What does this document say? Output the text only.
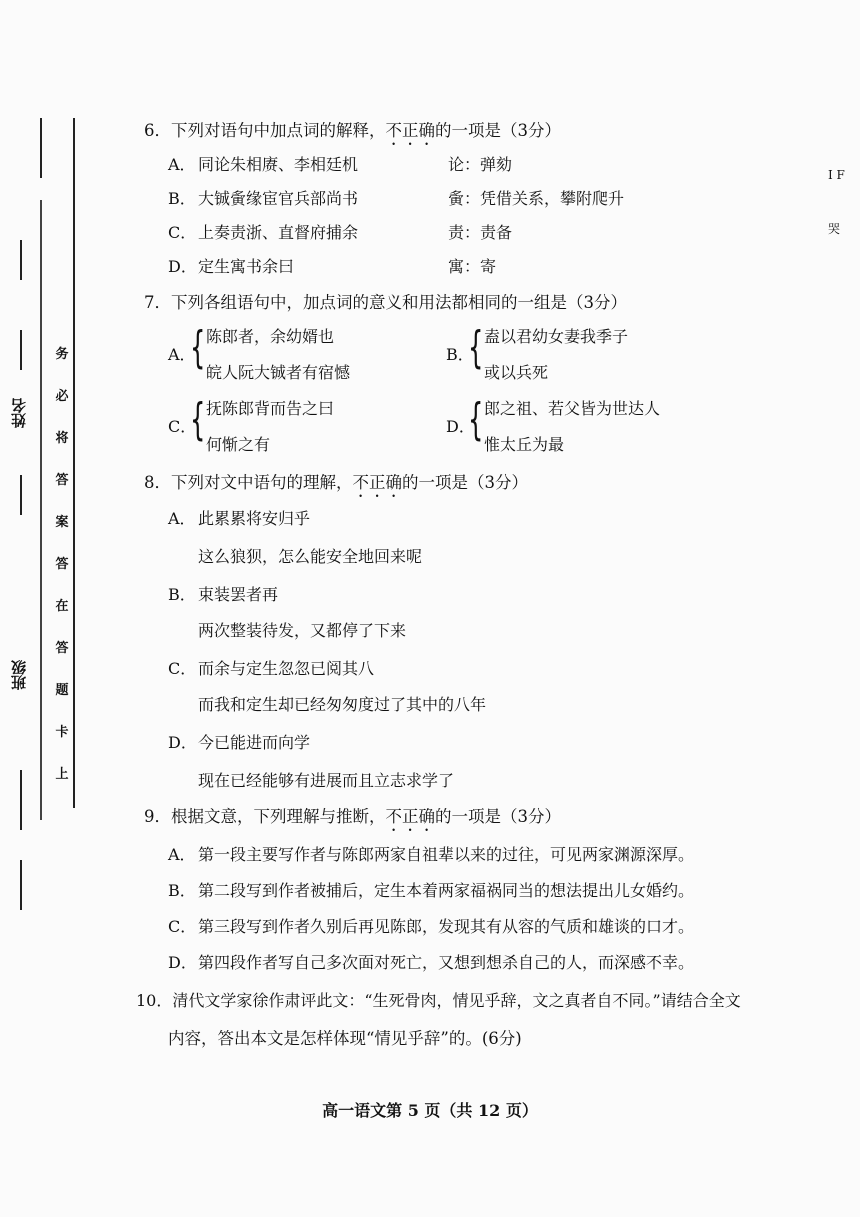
姓名
班级
务
必
将
答
案
答
在
答
题
卡
上
I F
哭
6．下列对语句中加点词的解释，不正确的一项是（3分）
A． 同论朱相赓、李相廷机	论：弹劾
B． 大铖夤缘宦官兵部尚书	夤：凭借关系，攀附爬升
C． 上奏责浙、直督府捕余	责：责备
D． 定生寓书余曰	寓：寄
7．下列各组语句中，加点词的意义和用法都相同的一组是（3分）
A．
{ 陈郎者，余幼婿也
皖人阮大铖者有宿憾
B．
{ 盍以君幼女妻我季子
或以兵死
C．
{ 抚陈郎背而告之曰
何惭之有
D．
{ 郎之祖、若父皆为世达人
惟太丘为最
8．下列对文中语句的理解，不正确的一项是（3分）
A． 此累累将安归乎
这么狼狈，怎么能安全地回来呢
B． 束装罢者再
两次整装待发，又都停了下来
C． 而余与定生忽忽已阅其八
而我和定生却已经匆匆度过了其中的八年
D． 今已能进而向学
现在已经能够有进展而且立志求学了
9．根据文意，下列理解与推断，不正确的一项是（3分）
A． 第一段主要写作者与陈郎两家自祖辈以来的过往，可见两家渊源深厚。
B． 第二段写到作者被捕后，定生本着两家福祸同当的想法提出儿女婚约。
C． 第三段写到作者久别后再见陈郎，发现其有从容的气质和雄谈的口才。
D． 第四段作者写自己多次面对死亡，又想到想杀自己的人，而深感不幸。
10．清代文学家徐作肃评此文：“生死骨肉，情见乎辞，文之真者自不同。”请结合全文
内容，答出本文是怎样体现“情见乎辞”的。(6分)
高一语文第 5 页（共 12 页）
